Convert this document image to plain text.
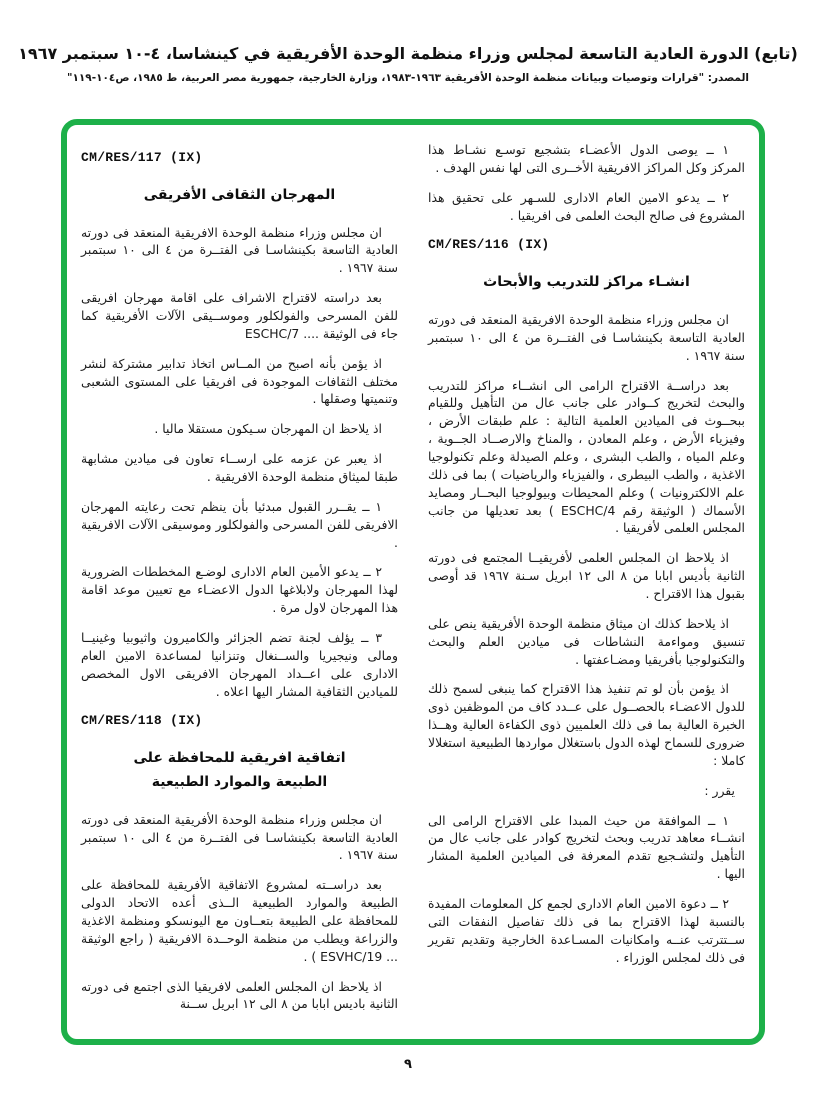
(تابع) الدورة العادية التاسعة لمجلس وزراء منظمة الوحدة الأفريقية في كينشاسا، ٤-١٠ سبتمبر ١٩٦٧
المصدر: "قرارات وتوصيات وبيانات منظمة الوحدة الأفريقية ١٩٦٣-١٩٨٣، وزارة الخارجية، جمهورية مصر العربية، ط ١٩٨٥، ص١٠٤-١١٩"
١ ــ يوصى الدول الأعضـاء بتشجيع توسـع نشـاط هذا المركز وكل المراكز الافريقية الأخــرى التى لها نفس الهدف .
٢ ــ يدعو الامين العام الادارى للسـهر على تحقيق هذا المشروع فى صالح البحث العلمى فى افريقيا .
CM/RES/116 (IX)
انشـاء مراكز للتدريب والأبحاث
ان مجلس وزراء منظمة الوحدة الافريقية المنعقد فى دورته العادية التاسعة بكينشاسـا فى الفتــرة من ٤ الى ١٠ سبتمبر سنة ١٩٦٧ .
بعد دراســة الاقتراح الرامى الى انشــاء مراكز للتدريب والبحث لتخريج كــوادر على جانب عال من التأهيل وللقيام ببحــوث فى الميادين العلمية التالية : علم طبقات الأرض ، وفيزياء الأرض ، وعلم المعادن ، والمناخ والارصــاد الجــوية ، وعلم المياه ، والطب البشرى ، وعلم الصيدلة وعلم تكنولوجيا الاغذية ، والطب البيطرى ، والفيزياء والرياضيات ) بما فى ذلك علم الالكترونيات ) وعلم المحيطات وبيولوجيا البحــار ومصايد الأسماك ( الوثيقة رقم ESCHC/4 ) بعد تعديلها من جانب المجلس العلمى لأفريقيا .
اذ يلاحظ ان المجلس العلمى لأفريقيــا المجتمع فى دورته الثانية بأديس ابابا من ٨ الى ١٢ ابريل سـنة ١٩٦٧ قد أوصى بقبول هذا الاقتراح .
اذ يلاحظ كذلك ان ميثاق منظمة الوحدة الأفريقية ينص على تنسيق ومواءمة النشاطات فى ميادين العلم والبحث والتكنولوجيا بأفريقيا ومضـاعفتها .
اذ يؤمن بأن لو تم تنفيذ هذا الاقتراح كما ينبغى لسمح ذلك للدول الاعضـاء بالحصــول على عــدد كاف من الموظفين ذوى الخبرة العالية بما فى ذلك العلميين ذوى الكفاءة العالية وهــذا ضرورى للسماح لهذه الدول باستغلال مواردها الطبيعية استغلالا كاملا :
يقرر :
١ ــ الموافقة من حيث المبدا على الاقتراح الرامى الى انشــاء معاهد تدريب وبحث لتخريج كوادر على جانب عال من التأهيل ولتشـجيع تقدم المعرفة فى الميادين العلمية المشار اليها .
٢ ــ دعوة الامين العام الادارى لجمع كل المعلومات المفيدة بالنسبة لهذا الاقتراح بما فى ذلك تفاصيل النفقات التى ســتترتب عنــه وامكانيات المسـاعدة الخارجية وتقديم تقرير فى ذلك لمجلس الوزراء .
CM/RES/117 (IX)
المهرجان الثقافى الأفريقى
ان مجلس وزراء منظمة الوحدة الافريقية المنعقد فى دورته العادية التاسعة بكينشاسـا فى الفتــرة من ٤ الى ١٠ سبتمبر سنة ١٩٦٧ .
بعد دراسته لاقتراح الاشراف على اقامة مهرجان افريقى للفن المسرحى والفولكلور وموســيقى الآلات الأفريقية كما جاء فى الوثيقة .... ESCHC/7
اذ يؤمن بأنه اصبح من المــاس اتخاذ تدابير مشتركة لنشر مختلف الثقافات الموجودة فى افريقيا على المستوى الشعبى وتنميتها وصقلها .
اذ يلاحظ ان المهرجان سـيكون مستقلا ماليا .
اذ يعبر عن عزمه على ارســاء تعاون فى ميادين مشابهة طبقا لميثاق منظمة الوحدة الافريقية .
١ ــ يقــرر القبول مبدئيا بأن ينظم تحت رعايته المهرجان الافريقى للفن المسرحى والفولكلور وموسيقى الآلات الافريقية .
٢ ــ يدعو الأمين العام الادارى لوضـع المخططات الضرورية لهذا المهرجان ولابلاغها الدول الاعضـاء مع تعيين موعد اقامة هذا المهرجان لاول مرة .
٣ ــ يؤلف لجنة تضم الجزائر والكاميرون واثيوبيا وغينيــا ومالى ونيجيريا والســنغال وتنزانيا لمساعدة الامين العام الادارى على اعــداد المهرجان الافريقى الاول المخصص للميادين الثقافية المشار اليها اعلاه .
CM/RES/118 (IX)
اتفاقية افريقية للمحافظة على
الطبيعة والموارد الطبيعية
ان مجلس وزراء منظمة الوحدة الأفريقية المنعقد فى دورته العادية التاسعة بكينشاسـا فى الفتــرة من ٤ الى ١٠ سبتمبر سنة ١٩٦٧ .
بعد دراســته لمشروع الاتفاقية الأفريقية للمحافظة على الطبيعة والموارد الطبيعية الــذى أعده الاتحاد الدولى للمحافظة على الطبيعة بتعــاون مع اليونسكو ومنظمة الاغذية والزراعة ويطلب من منظمة الوحــدة الافريقية ( راجع الوثيقة ... ESVHC/19 ) .
اذ يلاحظ ان المجلس العلمى لافريقيا الذى اجتمع فى دورته الثانية باديس ابابا من ٨ الى ١٢ ابريل ســنة
٩
